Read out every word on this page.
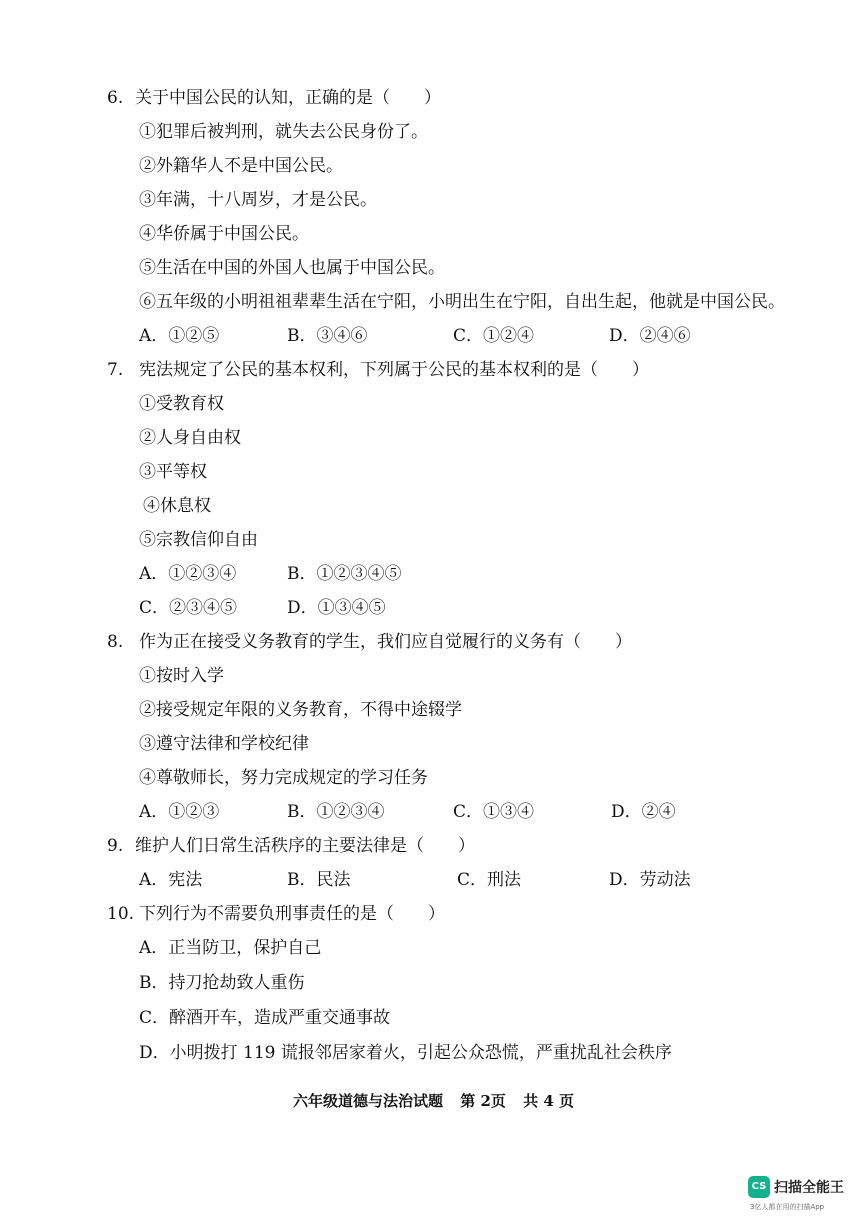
6. 关于中国公民的认知，正确的是（　　）
①犯罪后被判刑，就失去公民身份了。
②外籍华人不是中国公民。
③年满，十八周岁，才是公民。
④华侨属于中国公民。
⑤生活在中国的外国人也属于中国公民。
⑥五年级的小明祖祖辈辈生活在宁阳，小明出生在宁阳，自出生起，他就是中国公民。
A．①②⑤	B．③④⑥	C．①②④	D．②④⑥
7. 宪法规定了公民的基本权利，下列属于公民的基本权利的是（　　）
①受教育权
②人身自由权
③平等权
④休息权
⑤宗教信仰自由
A．①②③④	B．①②③④⑤
C．②③④⑤	D．①③④⑤
8. 作为正在接受义务教育的学生，我们应自觉履行的义务有（　　）
①按时入学
②接受规定年限的义务教育，不得中途辍学
③遵守法律和学校纪律
④尊敬师长，努力完成规定的学习任务
A．①②③	B．①②③④	C．①③④	D．②④
9. 维护人们日常生活秩序的主要法律是（　　）
A．宪法	B．民法	C．刑法	D．劳动法
10. 下列行为不需要负刑事责任的是（　　）
A．正当防卫，保护自己
B．持刀抢劫致人重伤
C．醉酒开车，造成严重交通事故
D．小明拨打 119 谎报邻居家着火，引起公众恐慌，严重扰乱社会秩序
六年级道德与法治试题 第 2页 共 4 页
CS 扫描全能王
3亿人都在用的扫描App
